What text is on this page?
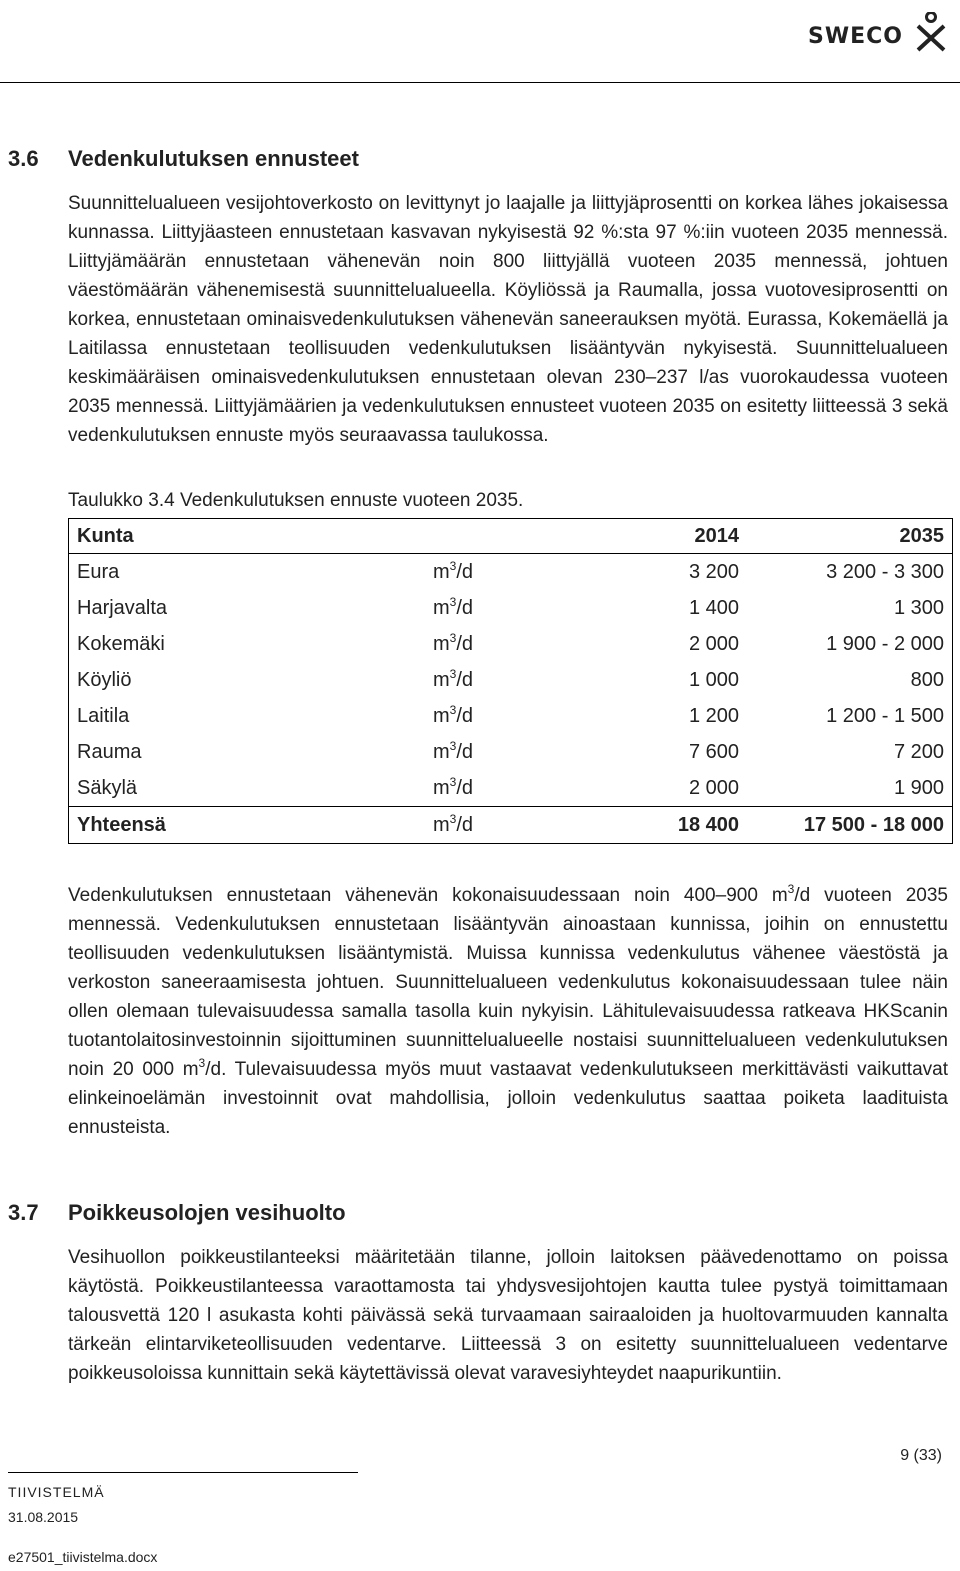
SWECO
3.6 Vedenkulutuksen ennusteet

Suunnittelualueen vesijohtoverkosto on levittynyt jo laajalle ja liittyjäprosentti on korkea lähes jokaisessa kunnassa. Liittyjäasteen ennustetaan kasvavan nykyisestä 92 %:sta 97 %:iin vuoteen 2035 mennessä. Liittyjämäärän ennustetaan vähenevän noin 800 liittyjällä vuoteen 2035 mennessä, johtuen väestömäärän vähenemisestä suunnittelualueella. Köyliössä ja Raumalla, jossa vuotovesiprosentti on korkea, ennustetaan ominaisvedenkulutuksen vähenevän saneerauksen myötä. Eurassa, Kokemäellä ja Laitilassa ennustetaan teollisuuden vedenkulutuksen lisääntyvän nykyisestä. Suunnittelualueen keskimääräisen ominaisvedenkulutuksen ennustetaan olevan 230–237 l/as vuorokaudessa vuoteen 2035 mennessä. Liittyjämäärien ja vedenkulutuksen ennusteet vuoteen 2035 on esitetty liitteessä 3 sekä vedenkulutuksen ennuste myös seuraavassa taulukossa.

Taulukko 3.4 Vedenkulutuksen ennuste vuoteen 2035.

Kunta		2014	2035
Eura	$m^3/d$	3 200	3 200 - 3 300
Harjavalta	$m^3/d$	1 400	1 300
Kokemäki	$m^3/d$	2 000	1 900 - 2 000
Köyliö	$m^3/d$	1 000	800
Laitila	$m^3/d$	1 200	1 200 - 1 500
Rauma	$m^3/d$	7 600	7 200
Säkylä	$m^3/d$	2 000	1 900
Yhteensä	$m^3/d$	18 400	17 500 - 18 000

Vedenkulutuksen ennustetaan vähenevän kokonaisuudessaan noin 400–900 $m^3/d$ vuoteen 2035 mennessä. Vedenkulutuksen ennustetaan lisääntyvän ainoastaan kunnissa, joihin on ennustettu teollisuuden vedenkulutuksen lisääntymistä. Muissa kunnissa vedenkulutus vähenee väestöstä ja verkoston saneeraamisesta johtuen. Suunnittelualueen vedenkulutus kokonaisuudessaan tulee näin ollen olemaan tulevaisuudessa samalla tasolla kuin nykyisin. Lähitulevaisuudessa ratkeava HKScanin tuotantolaitosinvestoinnin sijoittuminen suunnittelualueelle nostaisi suunnittelualueen vedenkulutuksen noin 20 000 $m^3/d$. Tulevaisuudessa myös muut vastaavat vedenkulutukseen merkittävästi vaikuttavat elinkeinoelämän investoinnit ovat mahdollisia, jolloin vedenkulutus saattaa poiketa laadituista ennusteista.

3.7 Poikkeusolojen vesihuolto

Vesihuollon poikkeustilanteeksi määritetään tilanne, jolloin laitoksen päävedenottamo on poissa käytöstä. Poikkeustilanteessa varaottamosta tai yhdysvesijohtojen kautta tulee pystyä toimittamaan talousvettä 120 l asukasta kohti päivässä sekä turvaamaan sairaaloiden ja huoltovarmuuden kannalta tärkeän elintarviketeollisuuden vedentarve. Liitteessä 3 on esitetty suunnittelualueen vedentarve poikkeusoloissa kunnittain sekä käytettävissä olevat varavesiyhteydet naapurikuntiin.

9 (33)
TIIVISTELMÄ
31.08.2015
e27501_tiivistelma.docx
